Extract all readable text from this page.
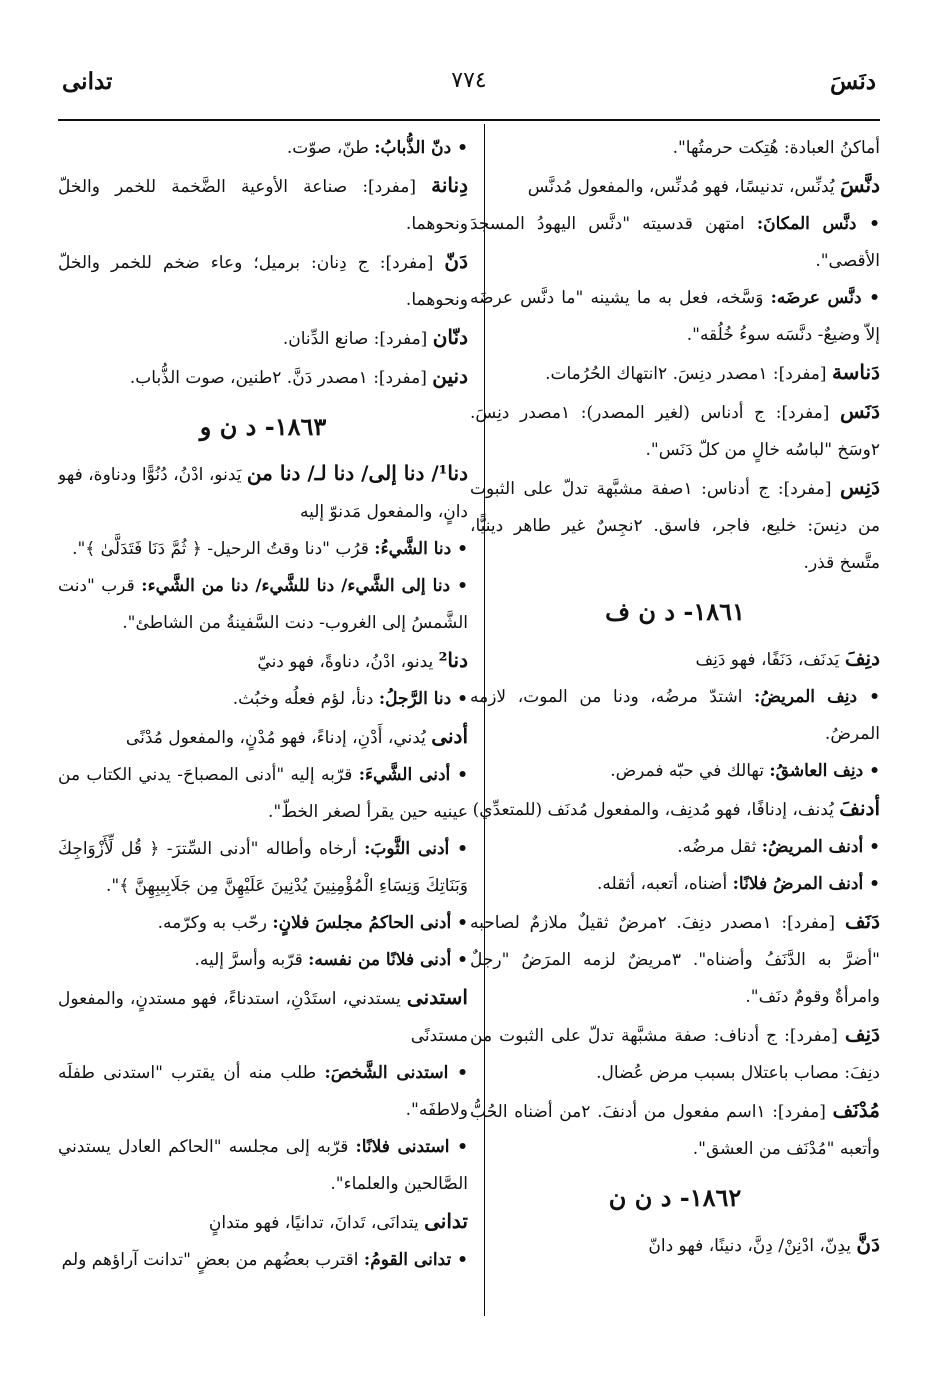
دنَسَ
٧٧٤
تدانى

أماكنُ العبادة: هُتِكت حرمتُها".

دنَّسَ يُدنِّس، تدنيسًا، فهو مُدنِّس، والمفعول مُدنَّس

• دنَّس المكانَ: امتهن قدسيته "دنَّس اليهودُ المسجدَ الأقصى".

• دنَّس عرضَه: وَسَّخه، فعل به ما يشينه "ما دنَّس عرضَه إلاّ وضيعٌ- دنَّسَه سوءُ خُلُقه".

دَناسة [مفرد]: ١مصدر دنِسَ. ٢انتهاك الحُرُمات.

دَنَس [مفرد]: ج أدناس (لغير المصدر): ١مصدر دنِسَ. ٢وسَخ "لباسُه خالٍ من كلّ دَنَس".

دَنِس [مفرد]: ج أدناس: ١صفة مشبَّهة تدلّ على الثبوت من دنِسَ: خليع، فاجر، فاسق. ٢نجِسٌ غير طاهر دينيًّا، متَّسخ قذر.

١٨٦١- د ن ف

دنِفَ يَدنَف، دَنَفًا، فهو دَنِف

• دنِف المريضُ: اشتدّ مرضُه، ودنا من الموت، لازمه المرضُ.

• دنِف العاشقُ: تهالك في حبّه فمرض.

أدنفَ يُدنف، إدنافًا، فهو مُدنِف، والمفعول مُدنَف (للمتعدِّي)

• أدنف المريضُ: ثقل مرضُه.

• أدنف المرضُ فلانًا: أضناه، أتعبه، أثقله.

دَنَف [مفرد]: ١مصدر دنِفَ. ٢مرضٌ ثقيلٌ ملازمٌ لصاحبه "أضرَّ به الدَّنَفُ وأضناه". ٣مريضٌ لزمه المرَضُ "رجلٌ وامرأةٌ وقومٌ دنَف".

دَنِف [مفرد]: ج أدناف: صفة مشبَّهة تدلّ على الثبوت من دنِفَ: مصاب باعتلال بسبب مرض عُضال.

مُدْنَف [مفرد]: ١اسم مفعول من أدنفَ. ٢من أضناه الحُبُّ وأتعبه "مُدْنَف من العشق".

١٨٦٢- د ن ن

دَنَّ يدِنّ، ادْنِنْ/ دِنَّ، دنينًا، فهو دانّ

• دنّ الذُّبابُ: طنّ، صوّت.

دِنانة [مفرد]: صناعة الأوعية الضَّخمة للخمر والخلّ ونحوهما.

دَنّ [مفرد]: ج دِنان: برميل؛ وعاء ضخم للخمر والخلّ ونحوهما.

دنّان [مفرد]: صانع الدِّنان.

دنين [مفرد]: ١مصدر دَنَّ. ٢طنين، صوت الذُّباب.

١٨٦٣- د ن و

دنا¹/ دنا إلى/ دنا لـ/ دنا من يَدنو، ادْنُ، دُنُوًّا ودناوة، فهو دانٍ، والمفعول مَدنوّ إليه

• دنا الشَّيءُ: قرُب "دنا وقتُ الرحيل- ﴿ ثُمَّ دَنَا فَتَدَلَّىٰ ﴾".

• دنا إلى الشَّيء/ دنا للشَّيء/ دنا من الشَّيء: قرب "دنت الشَّمسُ إلى الغروب- دنت السَّفينةُ من الشاطئ".

دنا² يدنو، ادْنُ، دناوةً، فهو دنيّ

• دنا الرَّجلُ: دنأ، لؤم فعلُه وخبُث.

أدنى يُدني، أَدْنِ، إدناءً، فهو مُدْنٍ، والمفعول مُدْنًى

• أدنى الشَّيءَ: قرّبه إليه "أدنى المصباحَ- يدني الكتاب من عينيه حين يقرأ لصغر الخطّ".

• أدنى الثَّوبَ: أرخاه وأطاله "أدنى السِّترَ- ﴿ قُل لِّأَزْوَاجِكَ وَبَنَاتِكَ وَنِسَاءِ الْمُؤْمِنِينَ يُدْنِينَ عَلَيْهِنَّ مِن جَلَابِيبِهِنَّ ﴾".

• أدنى الحاكمُ مجلسَ فلانٍ: رحّب به وكرّمه.

• أدنى فلانًا من نفسه: قرّبه وأسرَّ إليه.

استدنى يستدني، استَدْنِ، استدناءً، فهو مستدنٍ، والمفعول مستدنًى

• استدنى الشَّخصَ: طلب منه أن يقترب "استدنى طفلَه ولاطفَه".

• استدنى فلانًا: قرّبه إلى مجلسه "الحاكم العادل يستدني الصَّالحين والعلماء".

تدانى يتدانَى، تَدانَ، تدانيًا، فهو متدانٍ

• تدانى القومُ: اقترب بعضُهم من بعضٍ "تدانت آراؤهم ولم
